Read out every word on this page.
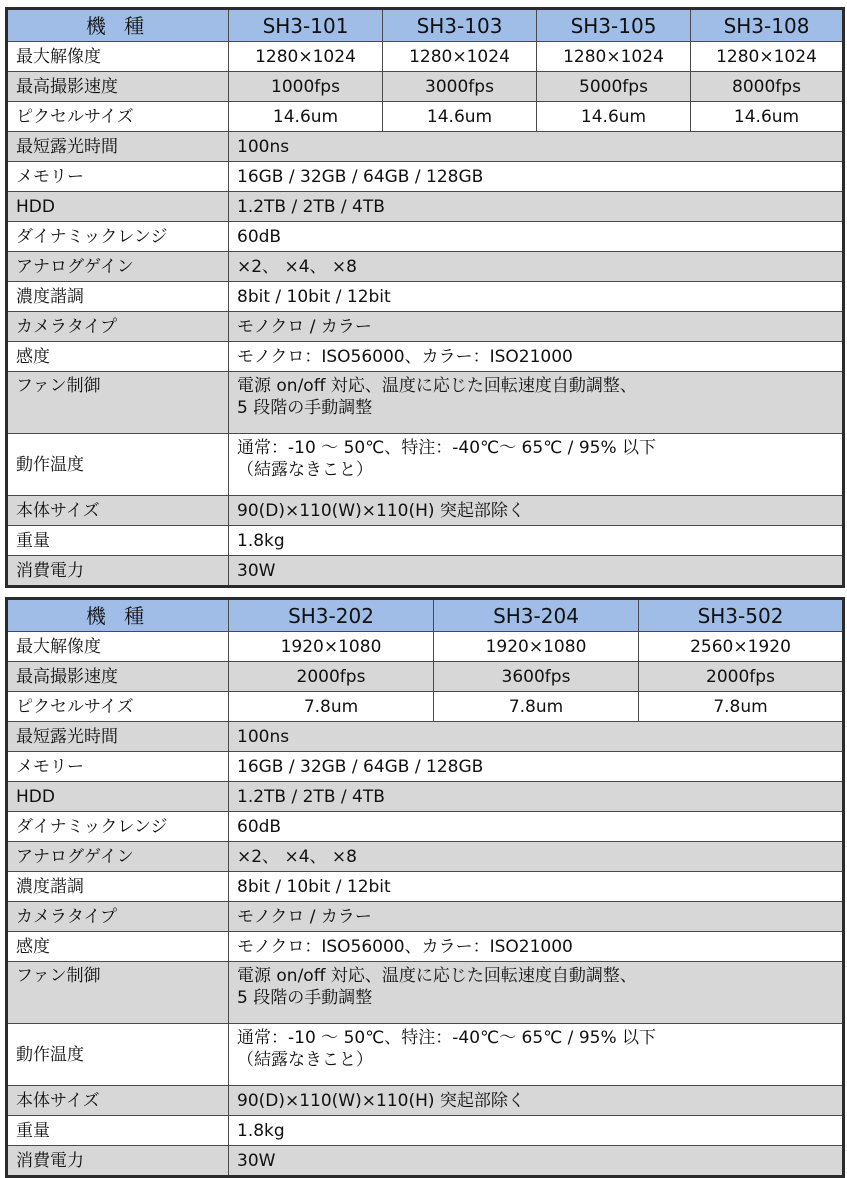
機 種	SH3-101	SH3-103	SH3-105	SH3-108
最大解像度	1280×1024	1280×1024	1280×1024	1280×1024
最高撮影速度	1000fps	3000fps	5000fps	8000fps
ピクセルサイズ	14.6um	14.6um	14.6um	14.6um
最短露光時間	100ns			
メモリー	16GB / 32GB / 64GB / 128GB			
HDD	1.2TB / 2TB / 4TB			
ダイナミックレンジ	60dB			
アナログゲイン	×2、 ×4、 ×8			
濃度諧調	8bit / 10bit / 12bit			
カメラタイプ	モノクロ / カラー			
感度	モノクロ：ISO56000、カラー：ISO21000			
ファン制御	電源 on/off 対応、温度に応じた回転速度自動調整、
5 段階の手動調整			

動作温度	通常：-10 ～ 50℃、特注：-40℃～ 65℃ / 95% 以下
（結露なきこと）			

本体サイズ	90(D)×110(W)×110(H) 突起部除く			
重量	1.8kg			
消費電力	30W			
機 種	SH3-202	SH3-204	SH3-502
最大解像度	1920×1080	1920×1080	2560×1920
最高撮影速度	2000fps	3600fps	2000fps
ピクセルサイズ	7.8um	7.8um	7.8um
最短露光時間	100ns		
メモリー	16GB / 32GB / 64GB / 128GB		
HDD	1.2TB / 2TB / 4TB		
ダイナミックレンジ	60dB		
アナログゲイン	×2、 ×4、 ×8		
濃度諧調	8bit / 10bit / 12bit		
カメラタイプ	モノクロ / カラー		
感度	モノクロ：ISO56000、カラー：ISO21000		
ファン制御	電源 on/off 対応、温度に応じた回転速度自動調整、
5 段階の手動調整		

動作温度	通常：-10 ～ 50℃、特注：-40℃～ 65℃ / 95% 以下
（結露なきこと）		

本体サイズ	90(D)×110(W)×110(H) 突起部除く		
重量	1.8kg		
消費電力	30W		
